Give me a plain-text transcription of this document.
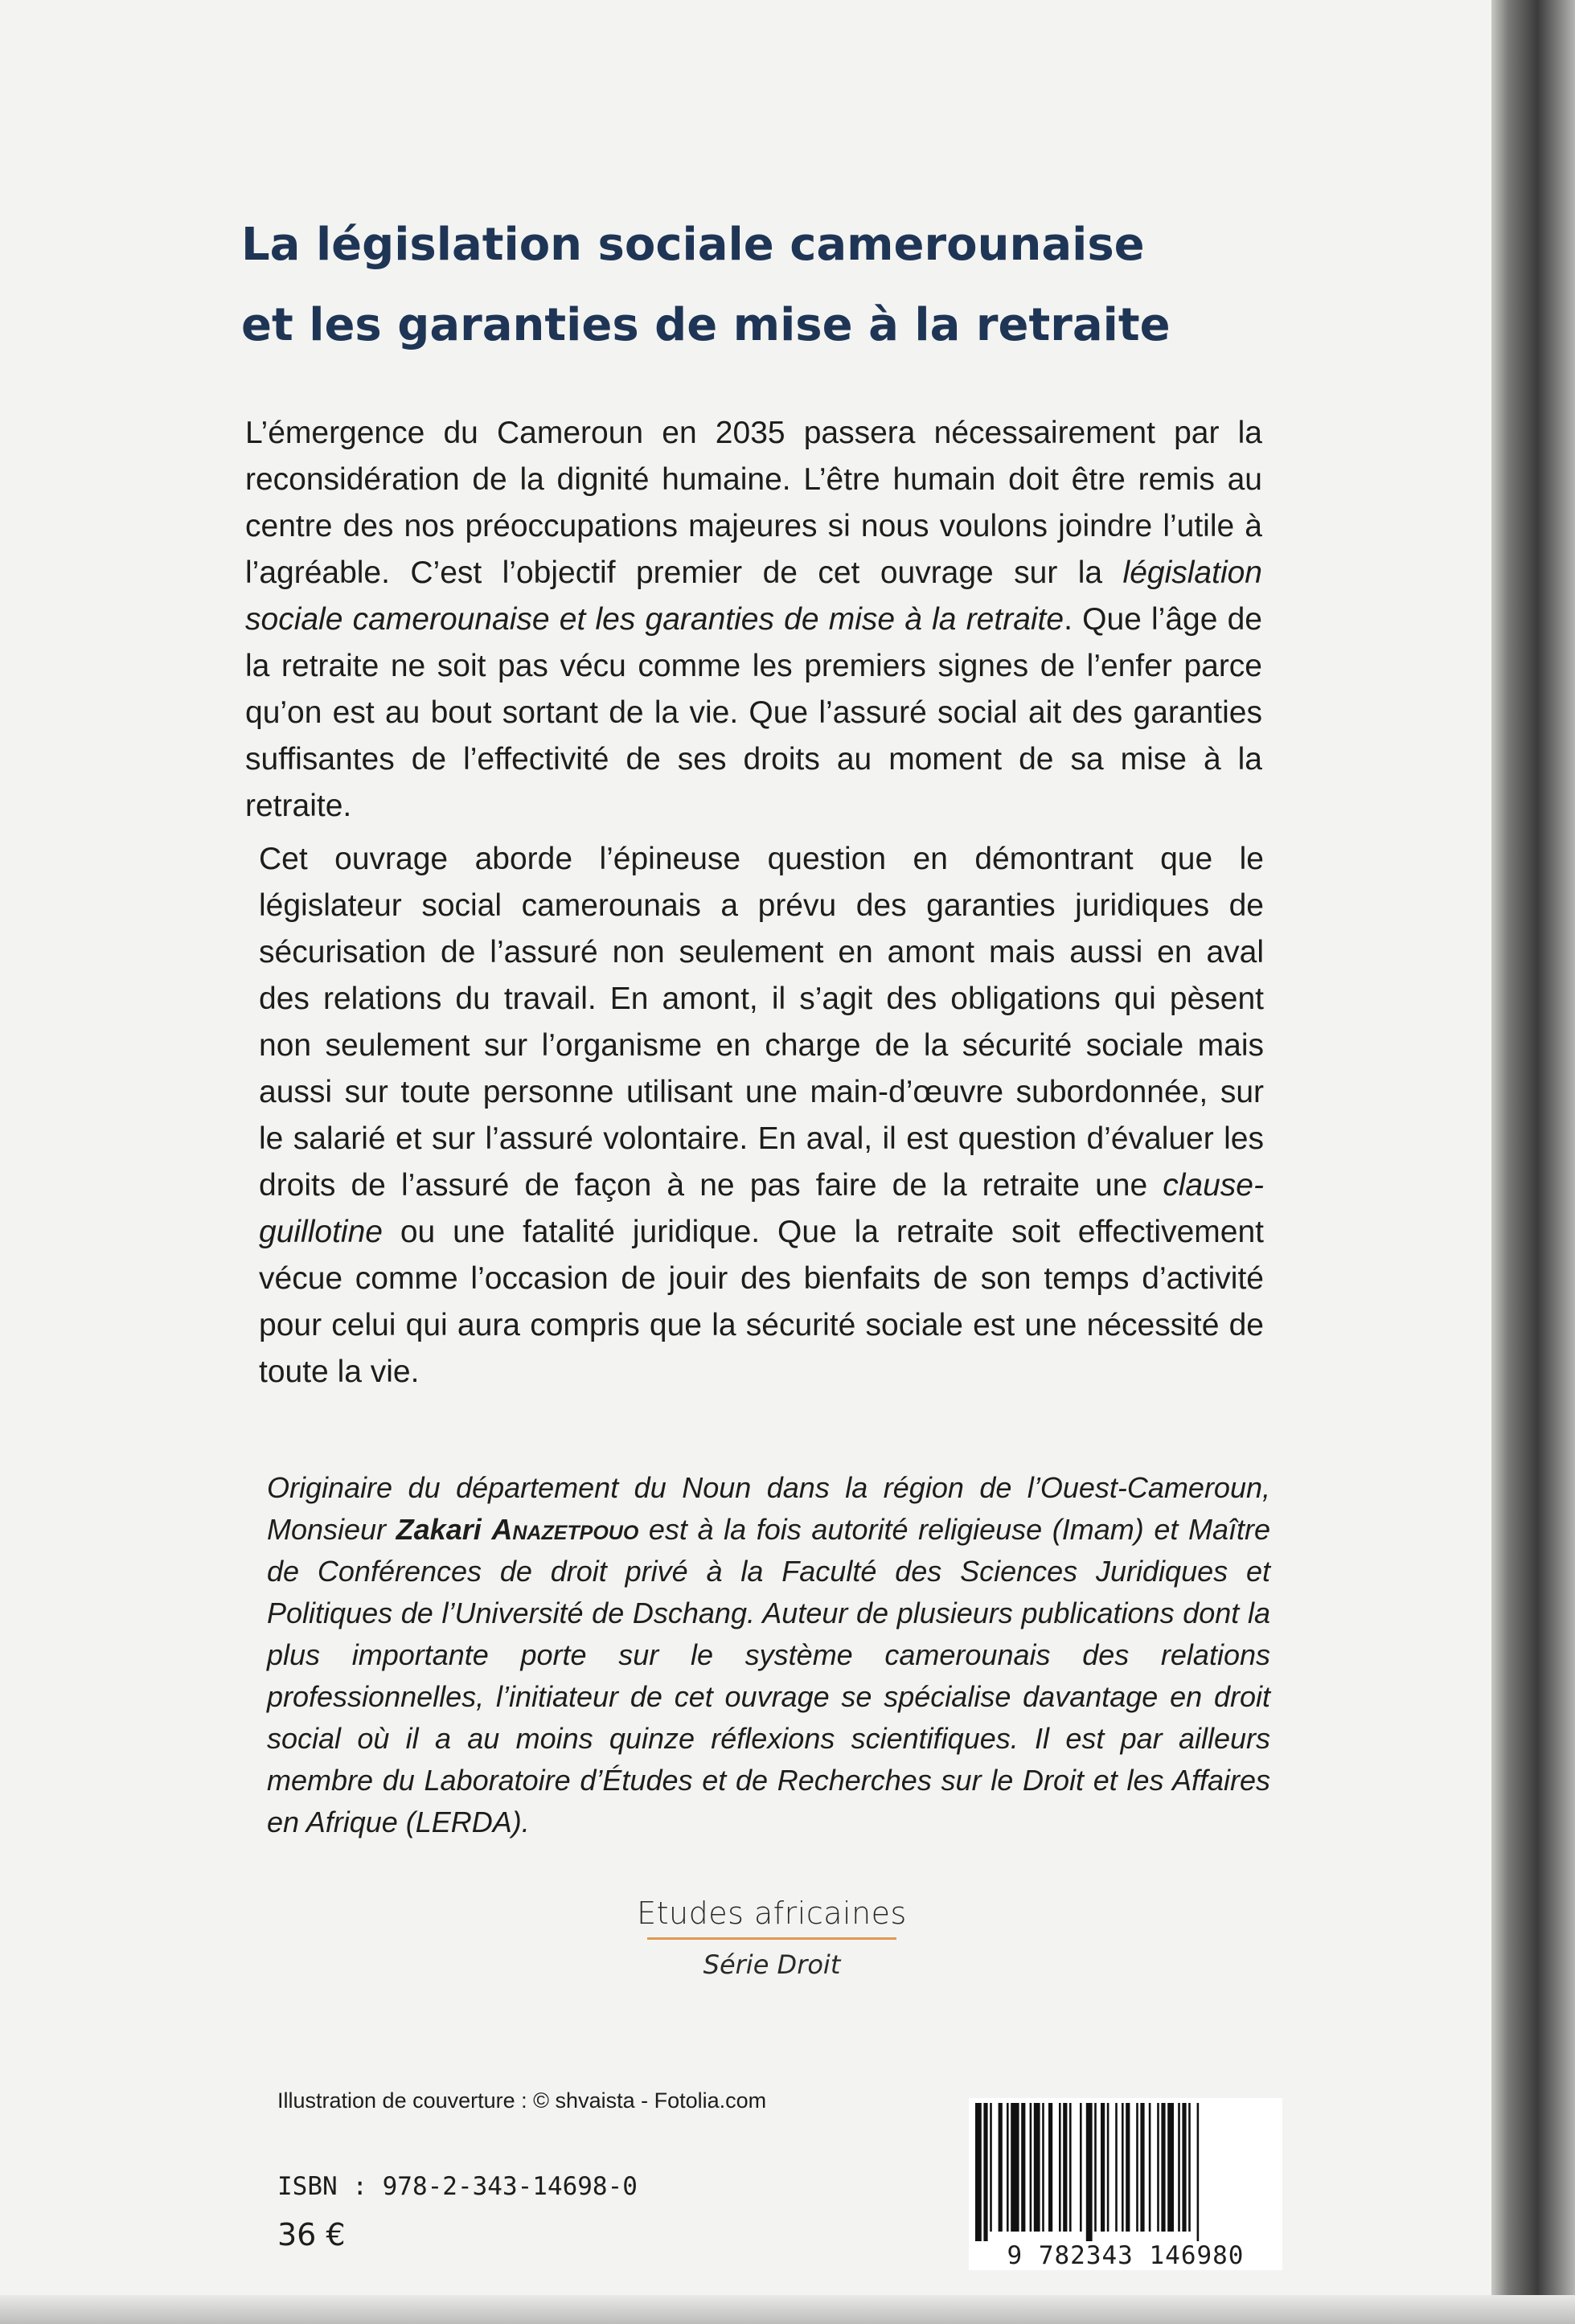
La législation sociale camerounaise
et les garanties de mise à la retraite

L’émergence du Cameroun en 2035 passera nécessairement par la reconsidération de la dignité humaine. L’être humain doit être remis au centre des nos préoccupations majeures si nous voulons joindre l’utile à l’agréable. C’est l’objectif premier de cet ouvrage sur la législation sociale camerounaise et les garanties de mise à la retraite. Que l’âge de la retraite ne soit pas vécu comme les premiers signes de l’enfer parce qu’on est au bout sortant de la vie. Que l’assuré social ait des garanties suffisantes de l’effectivité de ses droits au moment de sa mise à la retraite.

Cet ouvrage aborde l’épineuse question en démontrant que le législateur social camerounais a prévu des garanties juridiques de sécurisation de l’assuré non seulement en amont mais aussi en aval des relations du travail. En amont, il s’agit des obligations qui pèsent non seulement sur l’organisme en charge de la sécurité sociale mais aussi sur toute personne utilisant une main-d’œuvre subordonnée, sur le salarié et sur l’assuré volontaire. En aval, il est question d’évaluer les droits de l’assuré de façon à ne pas faire de la retraite une clause-guillotine ou une fatalité juridique. Que la retraite soit effectivement vécue comme l’occasion de jouir des bienfaits de son temps d’activité pour celui qui aura compris que la sécurité sociale est une nécessité de toute la vie.

Originaire du département du Noun dans la région de l’Ouest-Cameroun, Monsieur Zakari Anazetpouo est à la fois autorité religieuse (Imam) et Maître de Conférences de droit privé à la Faculté des Sciences Juridiques et Politiques de l’Université de Dschang. Auteur de plusieurs publications dont la plus importante porte sur le système camerounais des relations professionnelles, l’initiateur de cet ouvrage se spécialise davantage en droit social où il a au moins quinze réflexions scientifiques. Il est par ailleurs membre du Laboratoire d’Études et de Recherches sur le Droit et les Affaires en Afrique (LERDA).

Etudes africaines
Série Droit
Illustration de couverture : © shvaista - Fotolia.com
ISBN : 978-2-343-14698-0
36 €
9 782343 146980
